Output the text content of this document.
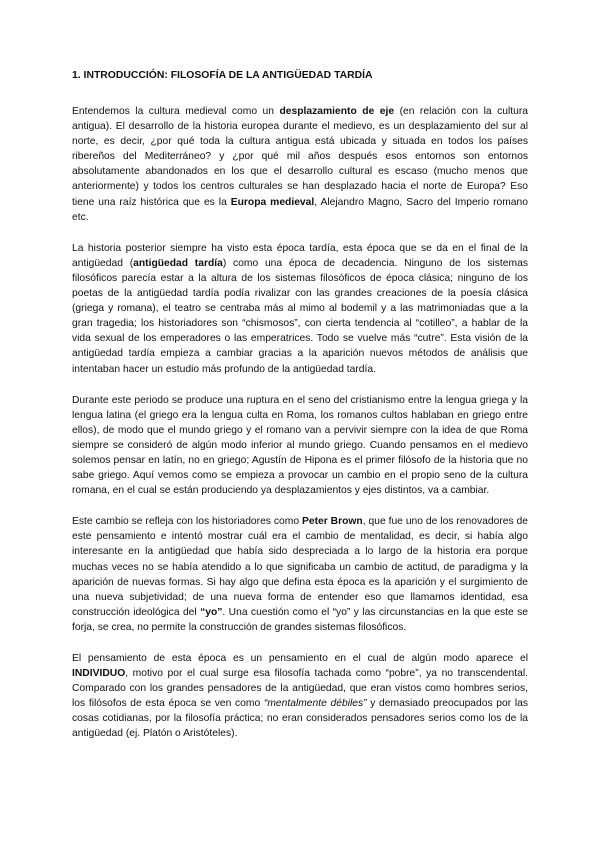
1. INTRODUCCIÓN: FILOSOFÍA DE LA ANTIGÜEDAD TARDÍA

Entendemos la cultura medieval como un desplazamiento de eje (en relación con la cultura antigua). El desarrollo de la historia europea durante el medievo, es un desplazamiento del sur al norte, es decir, ¿por qué toda la cultura antigua está ubicada y situada en todos los países ribereños del Mediterráneo? y ¿por qué mil años después esos entornos son entornos absolutamente abandonados en los que el desarrollo cultural es escaso (mucho menos que anteriormente) y todos los centros culturales se han desplazado hacia el norte de Europa? Eso tiene una raíz histórica que es la Europa medieval, Alejandro Magno, Sacro del Imperio romano etc.

La historia posterior siempre ha visto esta época tardía, esta época que se da en el final de la antigüedad (antigüedad tardía) como una época de decadencia. Ninguno de los sistemas filosóficos parecía estar a la altura de los sistemas filosóficos de época clásica; ninguno de los poetas de la antigüedad tardía podía rivalizar con las grandes creaciones de la poesía clásica (griega y romana), el teatro se centraba más al mimo al bodemil y a las matrimoniadas que a la gran tragedia; los historiadores son “chismosos”, con cierta tendencia al “cotilleo”, a hablar de la vida sexual de los emperadores o las emperatrices. Todo se vuelve más “cutre”. Esta visión de la antigüedad tardía empieza a cambiar gracias a la aparición nuevos métodos de análisis que intentaban hacer un estudio más profundo de la antigüedad tardía.

Durante este periodo se produce una ruptura en el seno del cristianismo entre la lengua griega y la lengua latina (el griego era la lengua culta en Roma, los romanos cultos hablaban en griego entre ellos), de modo que el mundo griego y el romano van a pervivir siempre con la idea de que Roma siempre se consideró de algún modo inferior al mundo griego. Cuando pensamos en el medievo solemos pensar en latín, no en griego; Agustín de Hipona es el primer filósofo de la historia que no sabe griego. Aquí vemos como se empieza a provocar un cambio en el propio seno de la cultura romana, en el cual se están produciendo ya desplazamientos y ejes distintos, va a cambiar.

Este cambio se refleja con los historiadores como Peter Brown, que fue uno de los renovadores de este pensamiento e intentó mostrar cuál era el cambio de mentalidad, es decir, si había algo interesante en la antigüedad que había sido despreciada a lo largo de la historia era porque muchas veces no se había atendido a lo que significaba un cambio de actitud, de paradigma y la aparición de nuevas formas. Si hay algo que defina esta época es la aparición y el surgimiento de una nueva subjetividad; de una nueva forma de entender eso que llamamos identidad, esa construcción ideológica del “yo”. Una cuestión como el “yo” y las circunstancias en la que este se forja, se crea, no permite la construcción de grandes sistemas filosóficos.

El pensamiento de esta época es un pensamiento en el cual de algún modo aparece el INDIVIDUO, motivo por el cual surge esa filosofía tachada como “pobre”, ya no transcendental. Comparado con los grandes pensadores de la antigüedad, que eran vistos como hombres serios, los filósofos de esta época se ven como “mentalmente débiles” y demasiado preocupados por las cosas cotidianas, por la filosofía práctica; no eran considerados pensadores serios como los de la antigüedad (ej. Platón o Aristóteles).
